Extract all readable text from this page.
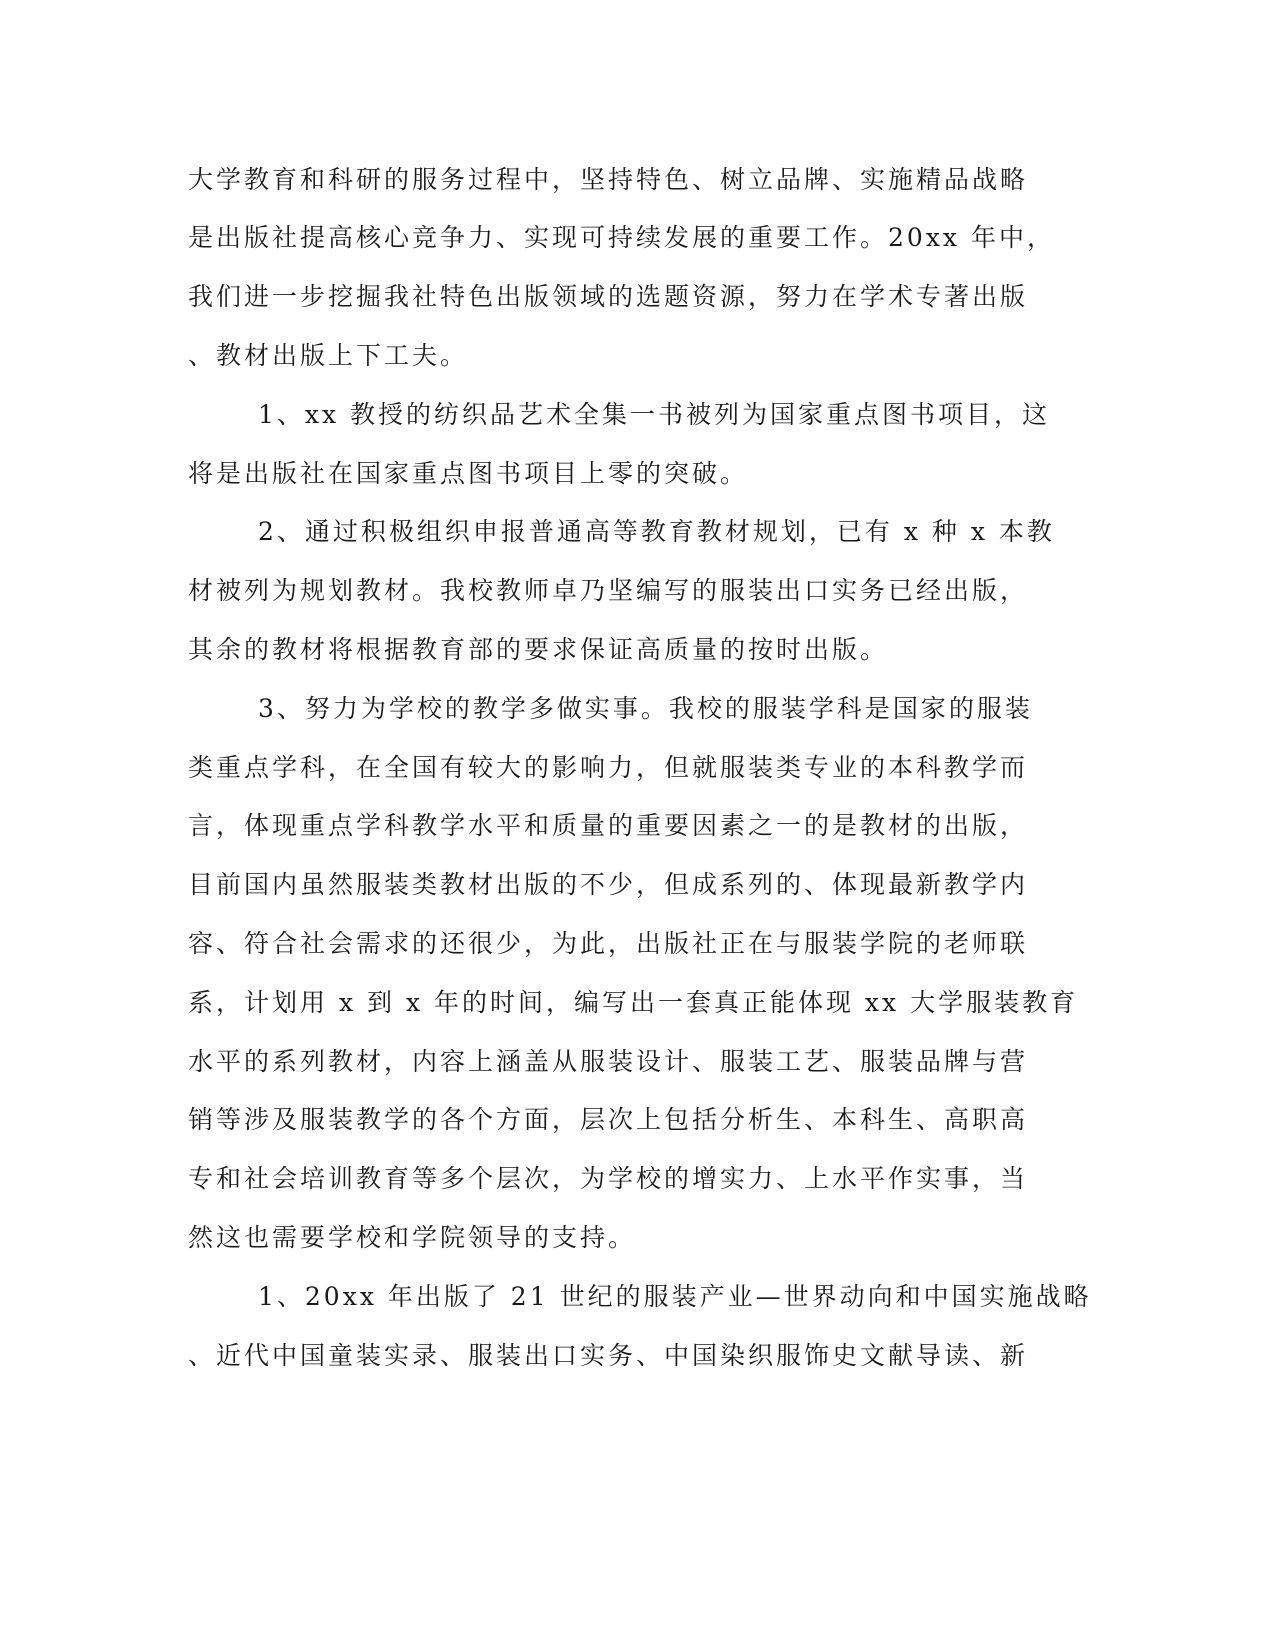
大学教育和科研的服务过程中，坚持特色、树立品牌、实施精品战略
是出版社提高核心竞争力、实现可持续发展的重要工作。20xx 年中，
我们进一步挖掘我社特色出版领域的选题资源，努力在学术专著出版
、教材出版上下工夫。
1、xx 教授的纺织品艺术全集一书被列为国家重点图书项目，这
将是出版社在国家重点图书项目上零的突破。
2、通过积极组织申报普通高等教育教材规划，已有 x 种 x 本教
材被列为规划教材。我校教师卓乃坚编写的服装出口实务已经出版，
其余的教材将根据教育部的要求保证高质量的按时出版。
3、努力为学校的教学多做实事。我校的服装学科是国家的服装
类重点学科，在全国有较大的影响力，但就服装类专业的本科教学而
言，体现重点学科教学水平和质量的重要因素之一的是教材的出版，
目前国内虽然服装类教材出版的不少，但成系列的、体现最新教学内
容、符合社会需求的还很少，为此，出版社正在与服装学院的老师联
系，计划用 x 到 x 年的时间，编写出一套真正能体现 xx 大学服装教育
水平的系列教材，内容上涵盖从服装设计、服装工艺、服装品牌与营
销等涉及服装教学的各个方面，层次上包括分析生、本科生、高职高
专和社会培训教育等多个层次，为学校的增实力、上水平作实事，当
然这也需要学校和学院领导的支持。
1、20xx 年出版了 21 世纪的服装产业—世界动向和中国实施战略
、近代中国童装实录、服装出口实务、中国染织服饰史文献导读、新
